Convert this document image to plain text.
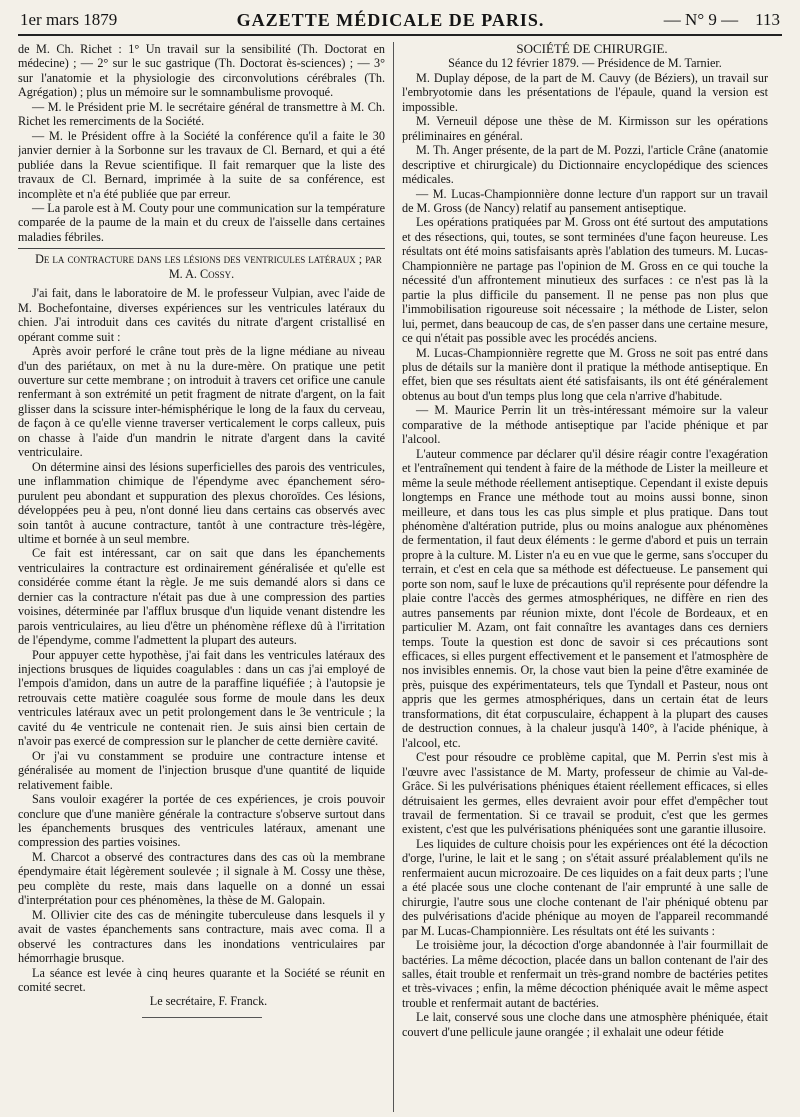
1er mars 1879	GAZETTE MÉDICALE DE PARIS.	— N° 9 — 113

de M. Ch. Richet : 1° Un travail sur la sensibilité (Th. Doctorat en médecine) ; — 2° sur le suc gastrique (Th. Doctorat ès-sciences) ; — 3° sur l'anatomie et la physiologie des circonvolutions cérébrales (Th. Agrégation) ; plus un mémoire sur le somnambulisme provoqué.

— M. le Président prie M. le secrétaire général de transmettre à M. Ch. Richet les remerciments de la Société.

— M. le Président offre à la Société la conférence qu'il a faite le 30 janvier dernier à la Sorbonne sur les travaux de Cl. Bernard, et qui a été publiée dans la Revue scientifique. Il fait remarquer que la liste des travaux de Cl. Bernard, imprimée à la suite de sa conférence, est incomplète et n'a été publiée que par erreur.

— La parole est à M. Couty pour une communication sur la température comparée de la paume de la main et du creux de l'aisselle dans certaines maladies fébriles.

De la contracture dans les lésions des ventricules latéraux ; par M. A. Cossy.

J'ai fait, dans le laboratoire de M. le professeur Vulpian, avec l'aide de M. Bochefontaine, diverses expériences sur les ventricules latéraux du chien. J'ai introduit dans ces cavités du nitrate d'argent cristallisé en opérant comme suit :

Après avoir perforé le crâne tout près de la ligne médiane au niveau d'un des pariétaux, on met à nu la dure-mère. On pratique une petit ouverture sur cette membrane ; on introduit à travers cet orifice une canule renfermant à son extrémité un petit fragment de nitrate d'argent, on la fait glisser dans la scissure inter-hémisphérique le long de la faux du cerveau, de façon à ce qu'elle vienne traverser verticalement le corps calleux, puis on chasse à l'aide d'un mandrin le nitrate d'argent dans la cavité ventriculaire.

On détermine ainsi des lésions superficielles des parois des ventricules, une inflammation chimique de l'épendyme avec épanchement séro-purulent peu abondant et suppuration des plexus choroïdes. Ces lésions, développées peu à peu, n'ont donné lieu dans certains cas observés avec soin tantôt à aucune contracture, tantôt à une contracture très-légère, ultime et bornée à un seul membre.

Ce fait est intéressant, car on sait que dans les épanchements ventriculaires la contracture est ordinairement généralisée et qu'elle est considérée comme étant la règle. Je me suis demandé alors si dans ce dernier cas la contracture n'était pas due à une compression des parties voisines, déterminée par l'afflux brusque d'un liquide venant distendre les parois ventriculaires, au lieu d'être un phénomène réflexe dû à l'irritation de l'épendyme, comme l'admettent la plupart des auteurs.

Pour appuyer cette hypothèse, j'ai fait dans les ventricules latéraux des injections brusques de liquides coagulables : dans un cas j'ai employé de l'empois d'amidon, dans un autre de la paraffine liquéfiée ; à l'autopsie je retrouvais cette matière coagulée sous forme de moule dans les deux ventricules latéraux avec un petit prolongement dans le 3e ventricule ; la cavité du 4e ventricule ne contenait rien. Je suis ainsi bien certain de n'avoir pas exercé de compression sur le plancher de cette dernière cavité.

Or j'ai vu constamment se produire une contracture intense et généralisée au moment de l'injection brusque d'une quantité de liquide relativement faible.

Sans vouloir exagérer la portée de ces expériences, je crois pouvoir conclure que d'une manière générale la contracture s'observe surtout dans les épanchements brusques des ventricules latéraux, amenant une compression des parties voisines.

M. Charcot a observé des contractures dans des cas où la membrane épendymaire était légèrement soulevée ; il signale à M. Cossy une thèse, peu complète du reste, mais dans laquelle on a donné un essai d'interprétation pour ces phénomènes, la thèse de M. Galopain.

M. Ollivier cite des cas de méningite tuberculeuse dans lesquels il y avait de vastes épanchements sans contracture, mais avec coma. Il a observé les contractures dans les inondations ventriculaires par hémorrhagie brusque.

La séance est levée à cinq heures quarante et la Société se réunit en comité secret.

Le secrétaire, F. Franck.

SOCIÉTÉ DE CHIRURGIE.

Séance du 12 février 1879. — Présidence de M. Tarnier.

M. Duplay dépose, de la part de M. Cauvy (de Béziers), un travail sur l'embryotomie dans les présentations de l'épaule, quand la version est impossible.

M. Verneuil dépose une thèse de M. Kirmisson sur les opérations préliminaires en général.

M. Th. Anger présente, de la part de M. Pozzi, l'article Crâne (anatomie descriptive et chirurgicale) du Dictionnaire encyclopédique des sciences médicales.

— M. Lucas-Championnière donne lecture d'un rapport sur un travail de M. Gross (de Nancy) relatif au pansement antiseptique.

Les opérations pratiquées par M. Gross ont été surtout des amputations et des résections, qui, toutes, se sont terminées d'une façon heureuse. Les résultats ont été moins satisfaisants après l'ablation des tumeurs. M. Lucas-Championnière ne partage pas l'opinion de M. Gross en ce qui touche la nécessité d'un affrontement minutieux des surfaces : ce n'est pas là la partie la plus difficile du pansement. Il ne pense pas non plus que l'immobilisation rigoureuse soit nécessaire ; la méthode de Lister, selon lui, permet, dans beaucoup de cas, de s'en passer dans une certaine mesure, ce qui n'était pas possible avec les procédés anciens.

M. Lucas-Championnière regrette que M. Gross ne soit pas entré dans plus de détails sur la manière dont il pratique la méthode antiseptique. En effet, bien que ses résultats aient été satisfaisants, ils ont été généralement obtenus au bout d'un temps plus long que cela n'arrive d'habitude.

— M. Maurice Perrin lit un très-intéressant mémoire sur la valeur comparative de la méthode antiseptique par l'acide phénique et par l'alcool.

L'auteur commence par déclarer qu'il désire réagir contre l'exagération et l'entraînement qui tendent à faire de la méthode de Lister la meilleure et même la seule méthode réellement antiseptique. Cependant il existe depuis longtemps en France une méthode tout au moins aussi bonne, sinon meilleure, et dans tous les cas plus simple et plus pratique. Dans tout phénomène d'altération putride, plus ou moins analogue aux phénomènes de fermentation, il faut deux éléments : le germe d'abord et puis un terrain propre à la culture. M. Lister n'a eu en vue que le germe, sans s'occuper du terrain, et c'est en cela que sa méthode est défectueuse. Le pansement qui porte son nom, sauf le luxe de précautions qu'il représente pour défendre la plaie contre l'accès des germes atmosphériques, ne diffère en rien des autres pansements par réunion mixte, dont l'école de Bordeaux, et en particulier M. Azam, ont fait connaître les avantages dans ces derniers temps. Toute la question est donc de savoir si ces précautions sont efficaces, si elles purgent effectivement et le pansement et l'atmosphère de nos invisibles ennemis. Or, la chose vaut bien la peine d'être examinée de près, puisque des expérimentateurs, tels que Tyndall et Pasteur, nous ont appris que les germes atmosphériques, dans un certain état de leurs transformations, dit état corpusculaire, échappent à la plupart des causes de destruction connues, à la chaleur jusqu'à 140°, à l'acide phénique, à l'alcool, etc.

C'est pour résoudre ce problème capital, que M. Perrin s'est mis à l'œuvre avec l'assistance de M. Marty, professeur de chimie au Val-de-Grâce. Si les pulvérisations phéniques étaient réellement efficaces, si elles détruisaient les germes, elles devraient avoir pour effet d'empêcher tout travail de fermentation. Si ce travail se produit, c'est que les germes existent, c'est que les pulvérisations phéniquées sont une garantie illusoire.

Les liquides de culture choisis pour les expériences ont été la décoction d'orge, l'urine, le lait et le sang ; on s'était assuré préalablement qu'ils ne renfermaient aucun microzoaire. De ces liquides on a fait deux parts ; l'une a été placée sous une cloche contenant de l'air emprunté à une salle de chirurgie, l'autre sous une cloche contenant de l'air phéniqué obtenu par des pulvérisations d'acide phénique au moyen de l'appareil recommandé par M. Lucas-Championnière. Les résultats ont été les suivants :

Le troisième jour, la décoction d'orge abandonnée à l'air fourmillait de bactéries. La même décoction, placée dans un ballon contenant de l'air des salles, était trouble et renfermait un très-grand nombre de bactéries petites et très-vivaces ; enfin, la même décoction phéniquée avait le même aspect trouble et renfermait autant de bactéries.

Le lait, conservé sous une cloche dans une atmosphère phéniquée, était couvert d'une pellicule jaune orangée ; il exhalait une odeur fétide
